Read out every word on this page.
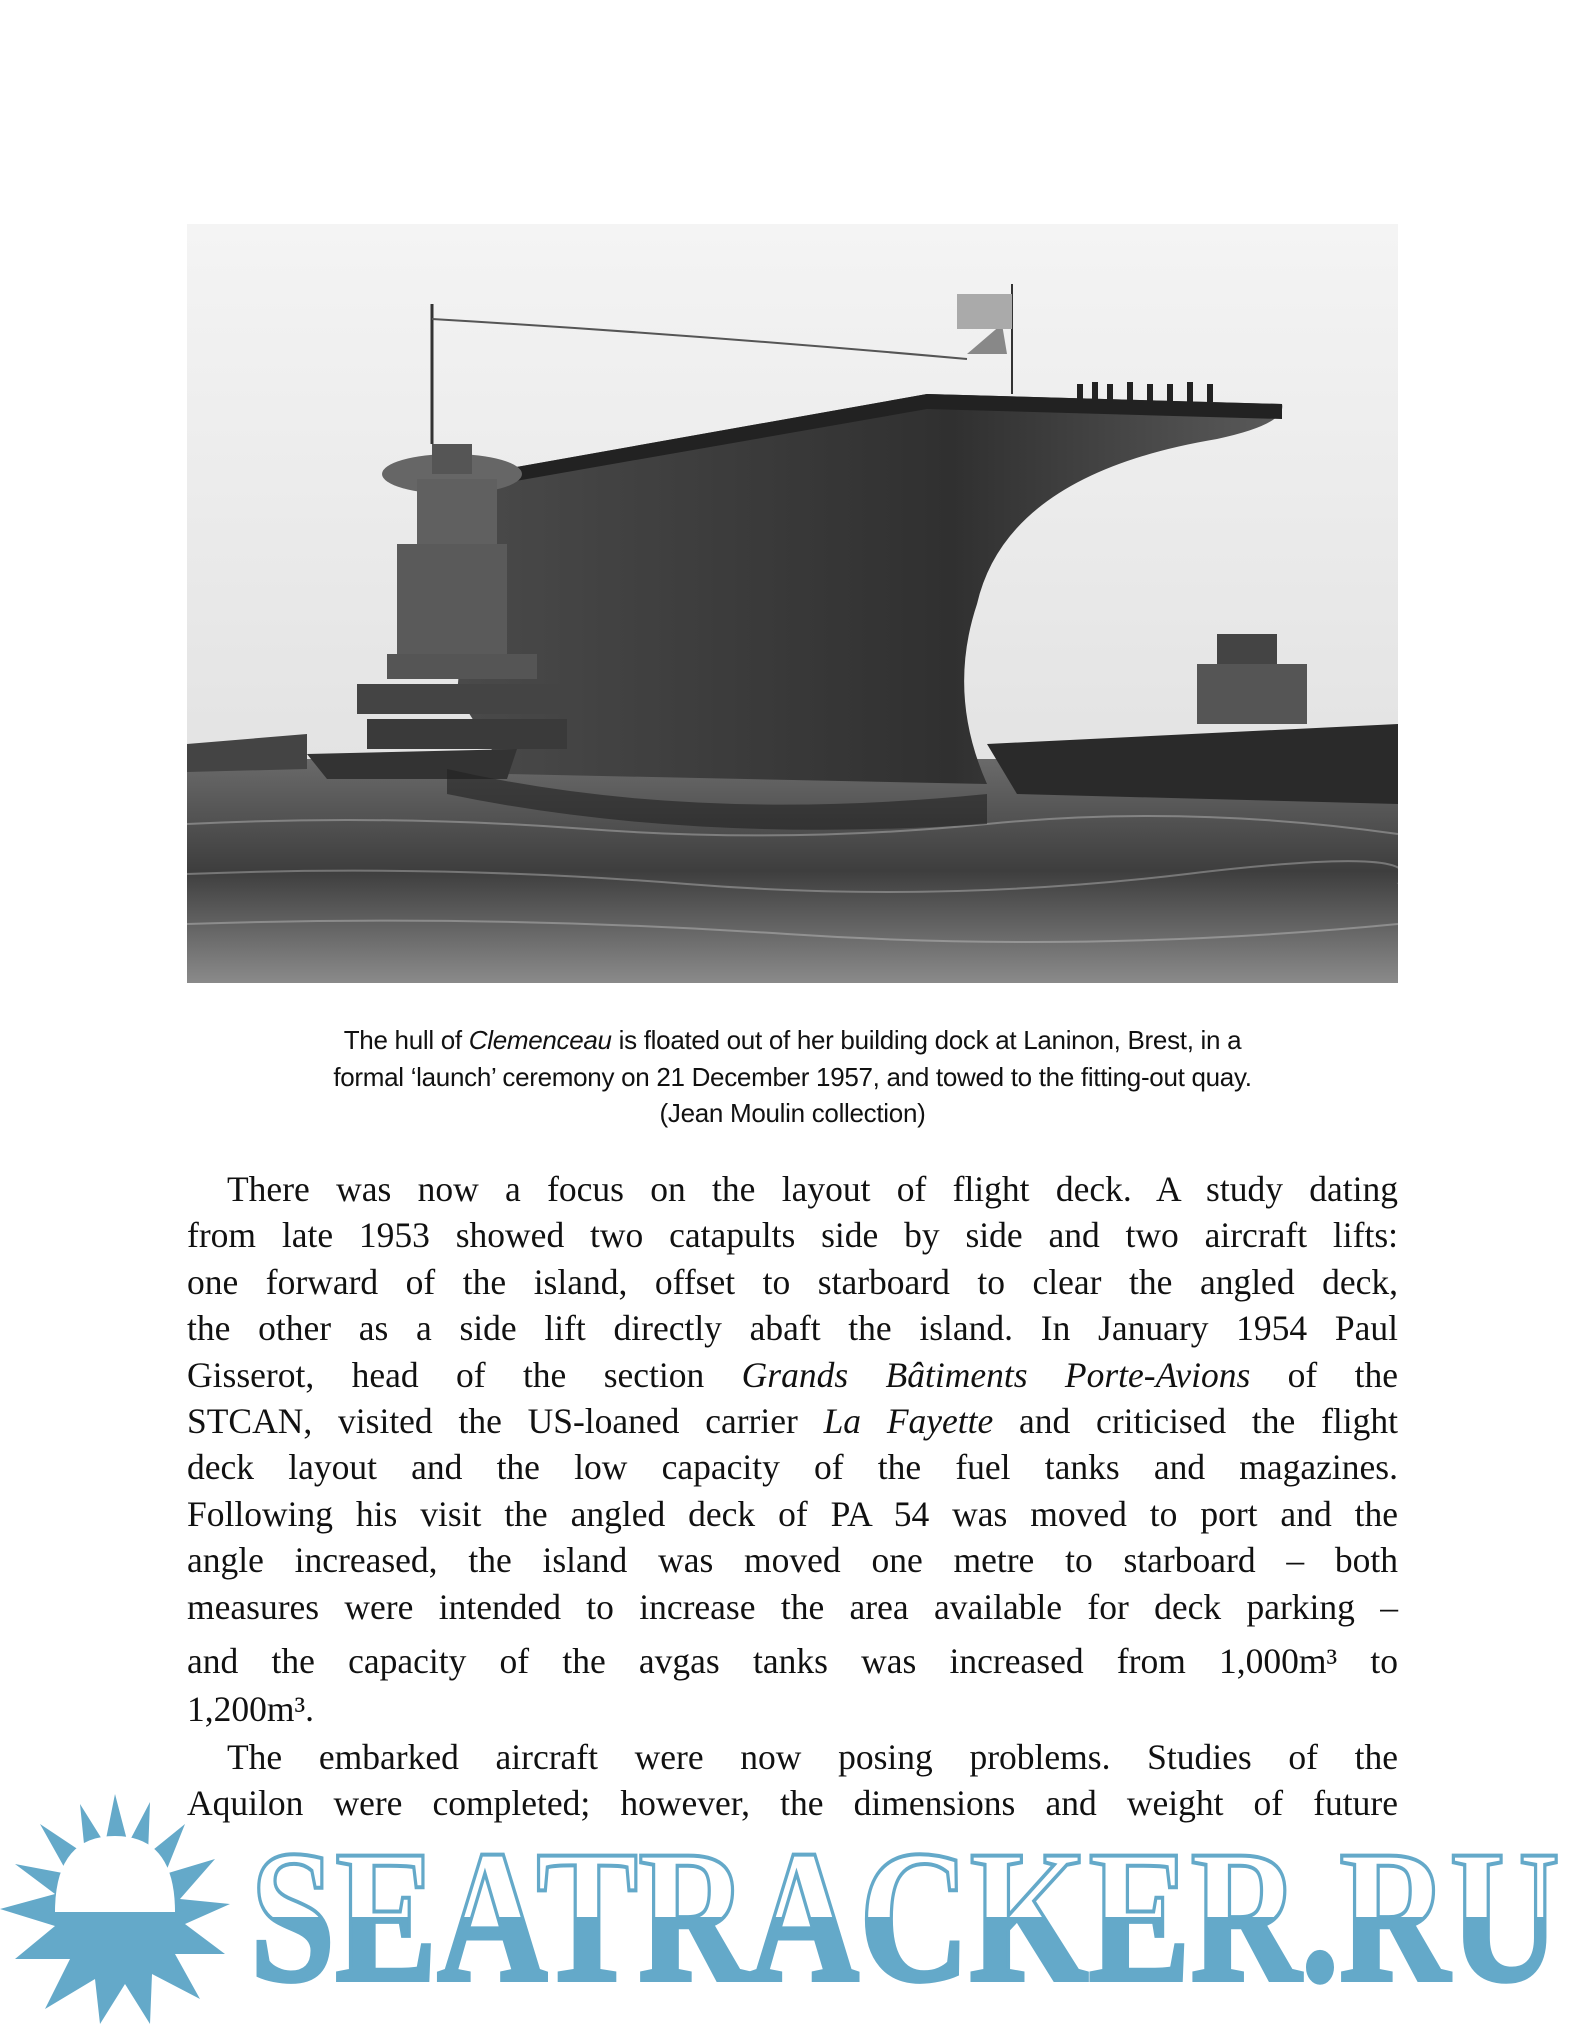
The hull of Clemenceau is floated out of her building dock at Laninon, Brest, in a
formal ‘launch’ ceremony on 21 December 1957, and towed to the fitting-out quay.
(Jean Moulin collection)
There was now a focus on the layout of flight deck. A study dating
from late 1953 showed two catapults side by side and two aircraft lifts:
one forward of the island, offset to starboard to clear the angled deck,
the other as a side lift directly abaft the island. In January 1954 Paul
Gisserot, head of the section Grands Bâtiments Porte-Avions of the
STCAN, visited the US-loaned carrier La Fayette and criticised the flight
deck layout and the low capacity of the fuel tanks and magazines.
Following his visit the angled deck of PA 54 was moved to port and the
angle increased, the island was moved one metre to starboard – both
measures were intended to increase the area available for deck parking –
and the capacity of the avgas tanks was increased from 1,000m³ to
1,200m³.
The embarked aircraft were now posing problems. Studies of the
Aquilon were completed; however, the dimensions and weight of future
SEATRACKER.RU
